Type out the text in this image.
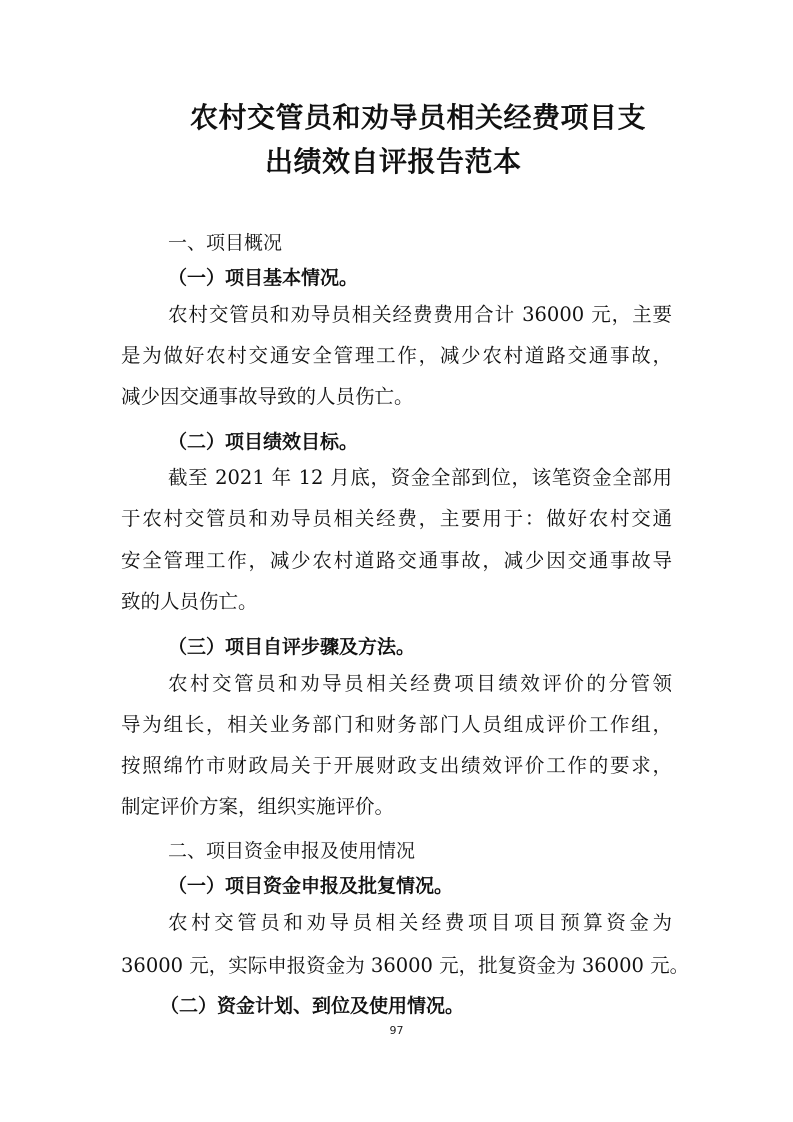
农村交管员和劝导员相关经费项目支
出绩效自评报告范本
一、项目概况
（一）项目基本情况。
农村交管员和劝导员相关经费费用合计 36000 元，主要
是为做好农村交通安全管理工作，减少农村道路交通事故，
减少因交通事故导致的人员伤亡。
（二）项目绩效目标。
截至 2021 年 12 月底，资金全部到位，该笔资金全部用
于农村交管员和劝导员相关经费，主要用于：做好农村交通
安全管理工作，减少农村道路交通事故，减少因交通事故导
致的人员伤亡。
（三）项目自评步骤及方法。
农村交管员和劝导员相关经费项目绩效评价的分管领
导为组长，相关业务部门和财务部门人员组成评价工作组，
按照绵竹市财政局关于开展财政支出绩效评价工作的要求，
制定评价方案，组织实施评价。
二、项目资金申报及使用情况
（一）项目资金申报及批复情况。
农村交管员和劝导员相关经费项目项目预算资金为
36000 元，实际申报资金为 36000 元，批复资金为 36000 元。
（二）资金计划、到位及使用情况。
97
